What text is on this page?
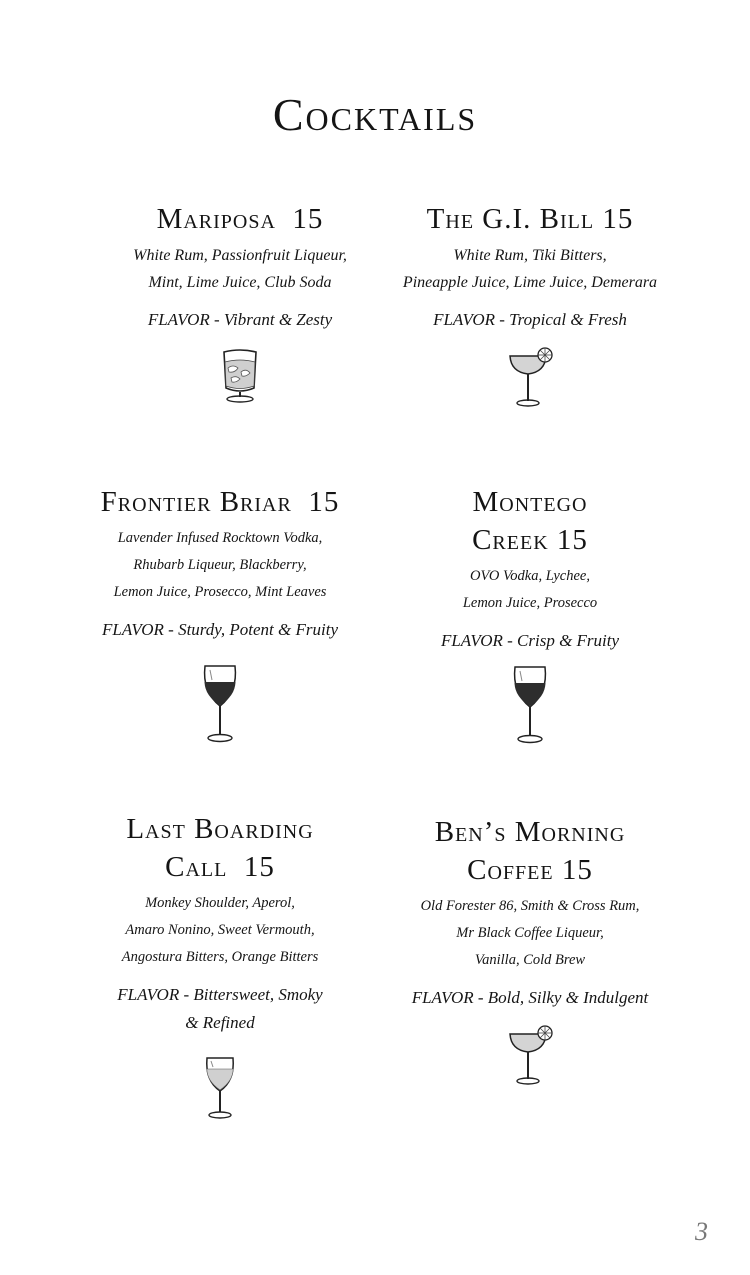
Cocktails
Mariposa  15
White Rum, Passionfruit Liqueur,
Mint, Lime Juice, Club Soda
FLAVOR - Vibrant & Zesty
The G.I. Bill 15
White Rum, Tiki Bitters,
Pineapple Juice, Lime Juice, Demerara
FLAVOR - Tropical & Fresh
Frontier Briar  15
Lavender Infused Rocktown Vodka,
Rhubarb Liqueur, Blackberry,
Lemon Juice, Prosecco, Mint Leaves
FLAVOR - Sturdy, Potent & Fruity
Montego
Creek 15
OVO Vodka, Lychee,
Lemon Juice, Prosecco
FLAVOR - Crisp & Fruity
Last Boarding
Call  15
Monkey Shoulder, Aperol,
Amaro Nonino, Sweet Vermouth,
Angostura Bitters, Orange Bitters
FLAVOR - Bittersweet, Smoky
& Refined
Ben’s Morning
Coffee 15
Old Forester 86, Smith & Cross Rum,
Mr Black Coffee Liqueur,
Vanilla, Cold Brew
FLAVOR - Bold, Silky & Indulgent
3
